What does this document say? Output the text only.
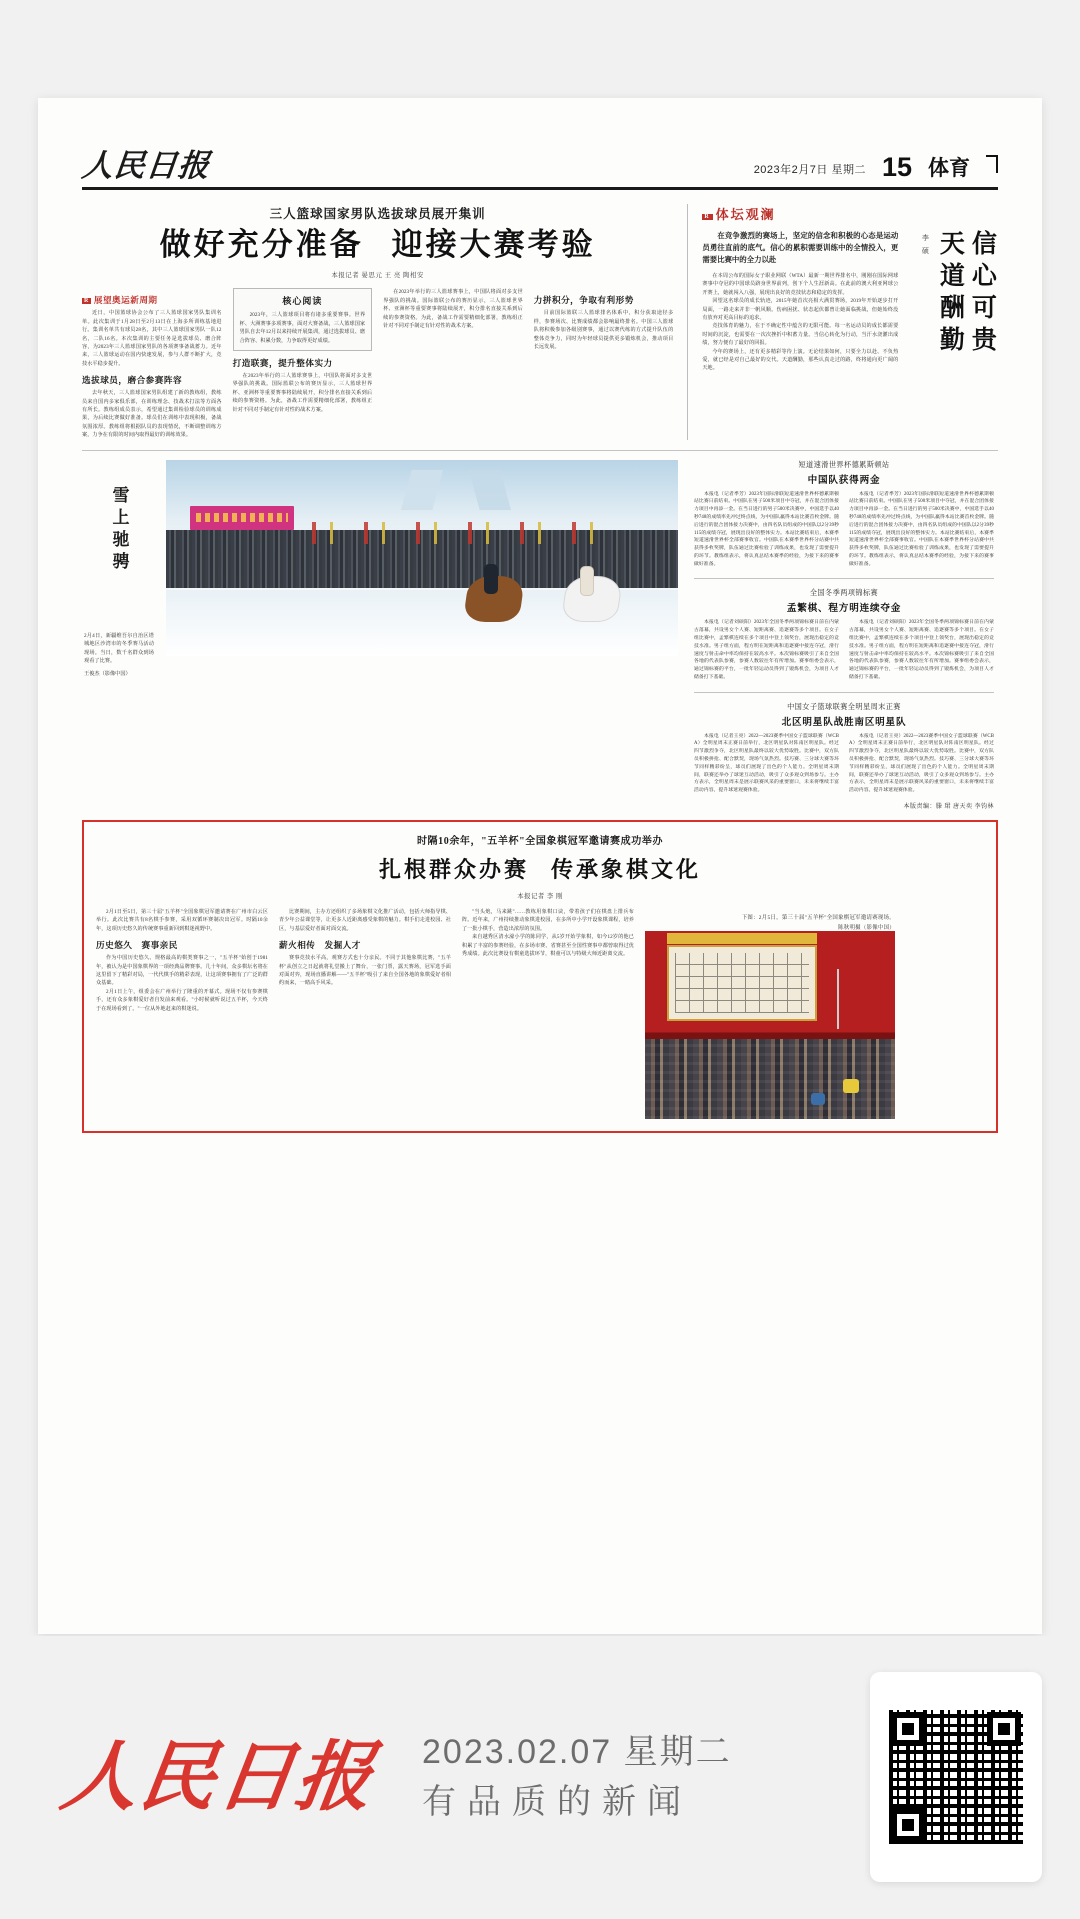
人民日报	2023年2月7日 星期二 15 体育
三人篮球国家男队选拔球员展开集训
做好充分准备 迎接大赛考验
本报记者 晏思元 王 亮 陶相安
R 展望奥运新周期
近日，中国篮球协会公布了三人篮球国家男队集训名单。此次集训于1月28日至2月13日在上海多所训练基地进行。集训名单共有球员28名，其中三人篮球国家男队一队12名，二队16名。本次集训的主要任务是选拔球员、磨合阵容，为2023年三人篮球国家男队的各项赛事备战蓄力。近年来，三人篮球运动在国内快速发展，参与人群不断扩大，竞技水平稳步提升。
选拔球员，磨合参赛阵容
去年秋天，三人篮球国家男队组建了新的教练组，教练员来自国内多家俱乐部，在训练理念、技战术打法等方面各有所长。教练组成员表示，希望通过集训检验球员的训练成果，为后续比赛做好准备。球员们在训练中表现积极，备战氛围浓厚。教练组将根据队员的表现情况，不断调整训练方案，力争在有限的时间内取得最好的训练效果。
核心阅读
2023年，三人篮球项目将有诸多重要赛事。世界杯、大洲赛事多项赛事，面对大赛备战，三人篮球国家男队自去年12月以来持续开展集训，通过选拔球员、磨合阵容、积累分数，力争取得更好成绩。
打造联赛，提升整体实力
在2023年举行的三人篮球赛事上，中国队将面对多支世界强队的挑战。国际篮联公布的赛历显示，三人篮球世界杯、亚洲杯等重要赛事将陆续展开，积分排名直接关系到后续的参赛资格。为此，备战工作需要精细化部署，教练组正针对不同对手制定有针对性的战术方案。
在2023年举行的三人篮球赛事上，中国队将面对多支世界强队的挑战。国际篮联公布的赛历显示，三人篮球世界杯、亚洲杯等重要赛事将陆续展开，积分排名直接关系到后续的参赛资格。为此，备战工作需要精细化部署，教练组正针对不同对手制定有针对性的战术方案。
力拼积分，争取有利形势
目前国际篮联三人篮球排名体系中，积分获取途径多样，参赛场次、比赛成绩都会影响最终排名。中国三人篮球队将积极参加各级别赛事，通过以赛代练的方式提升队伍的整体竞争力，同时为年轻球员提供更多锻炼机会，推动项目长远发展。
R 体坛观澜
在竞争激烈的赛场上，坚定的信念和积极的心态是运动员勇往直前的底气。信心的累积需要训练中的全情投入，更需要比赛中的全力以赴
在本周公布的国际女子职业网联（WTA）最新一期世界排名中，刚刚在国际网球赛事中夺冠的中国球员跻身世界前列，创下个人生涯新高。在此前的澳大利亚网球公开赛上，她就闯入八强，展现出良好的竞技状态和稳定的发挥。
回望这名球员的成长轨迹，2015年她首次亮相大满贯赛场，2019年开始逐步打开局面，一路走来并非一帆风顺。伤病困扰、状态起伏都曾让她面临挑战，但她始终没有放弃对更高目标的追求。
竞技体育的魅力，在于不确定性中蕴含的无限可能。每一名运动员的成长都需要时间的沉淀，也需要在一次次挫折中积蓄力量。当信心转化为行动，当汗水浇灌出成绩，努力便有了最好的回报。
今年的赛场上，还有更多精彩等待上演。无论结果如何，只要全力以赴、不负热爱，就已经是对自己最好的交代。天道酬勤，那些认真走过的路，终将通向更广阔的天地。
李 硕 天道酬勤 信心可贵
雪上驰骋
2月4日，新疆维吾尔自治区塔城地区沙湾市的冬季赛马活动现场。当日，数千名群众到场观看了比赛。
王俊杰（影像中国）
短道速滑世界杯德累斯顿站
中国队获得两金
本报电（记者季芳）2023年国际滑联短道速滑世界杯德累斯顿站比赛日前结束。中国队在男子500米项目中夺冠，并在混合团体接力项目中再添一金。在当日进行的男子500米决赛中，中国选手以40秒748的成绩率先冲过终点线，为中国队赢得本站比赛首枚金牌。随后进行的混合团体接力决赛中，由四名队员组成的中国队以2分39秒115的成绩夺冠，展现出良好的整体实力。本站比赛结束后，本赛季短道速滑世界杯全部赛事收官。中国队在本赛季世界杯分站赛中共获得多枚奖牌，队伍通过比赛检验了训练成果，也发现了需要提升的环节。教练组表示，将认真总结本赛季的经验，为接下来的赛事做好准备。
本报电（记者季芳）2023年国际滑联短道速滑世界杯德累斯顿站比赛日前结束。中国队在男子500米项目中夺冠，并在混合团体接力项目中再添一金。在当日进行的男子500米决赛中，中国选手以40秒748的成绩率先冲过终点线，为中国队赢得本站比赛首枚金牌。随后进行的混合团体接力决赛中，由四名队员组成的中国队以2分39秒115的成绩夺冠，展现出良好的整体实力。本站比赛结束后，本赛季短道速滑世界杯全部赛事收官。中国队在本赛季世界杯分站赛中共获得多枚奖牌，队伍通过比赛检验了训练成果，也发现了需要提升的环节。教练组表示，将认真总结本赛季的经验，为接下来的赛事做好准备。
全国冬季两项锦标赛
孟繁棋、程方明连续夺金
本报电（记者刘硕阳）2023年全国冬季两项锦标赛日前在内蒙古落幕，共设男女个人赛、短距离赛、追逐赛等多个项目。在女子组比赛中，孟繁棋连续在多个项目中登上领奖台，展现出稳定的竞技水准。男子组方面，程方明在短距离和追逐赛中接连夺冠，滑行速度与射击命中率均保持在较高水平。本次锦标赛吸引了来自全国各地的代表队参赛，参赛人数较往年有所增加。赛事组委会表示，通过锦标赛的平台，一批年轻运动员得到了锻炼机会，为项目人才储备打下基础。
本报电（记者刘硕阳）2023年全国冬季两项锦标赛日前在内蒙古落幕，共设男女个人赛、短距离赛、追逐赛等多个项目。在女子组比赛中，孟繁棋连续在多个项目中登上领奖台，展现出稳定的竞技水准。男子组方面，程方明在短距离和追逐赛中接连夺冠，滑行速度与射击命中率均保持在较高水平。本次锦标赛吸引了来自全国各地的代表队参赛，参赛人数较往年有所增加。赛事组委会表示，通过锦标赛的平台，一批年轻运动员得到了锻炼机会，为项目人才储备打下基础。
中国女子篮球联赛全明星周末正赛
北区明星队战胜南区明星队
本报电（记者王亮）2022—2023赛季中国女子篮球联赛（WCBA）全明星周末正赛日前举行，北区明星队对阵南区明星队。经过四节激烈争夺，北区明星队最终以较大优势取胜。比赛中，双方队员积极拼抢、配合默契，现场气氛热烈。技巧赛、三分球大赛等环节同样精彩纷呈，球员们展现了出色的个人能力。全明星周末期间，联赛还举办了球迷互动活动，吸引了众多观众到场参与。主办方表示，全明星周末是展示联赛风采的重要窗口，未来将继续丰富活动内容，提升球迷观赛体验。
本报电（记者王亮）2022—2023赛季中国女子篮球联赛（WCBA）全明星周末正赛日前举行，北区明星队对阵南区明星队。经过四节激烈争夺，北区明星队最终以较大优势取胜。比赛中，双方队员积极拼抢、配合默契，现场气氛热烈。技巧赛、三分球大赛等环节同样精彩纷呈，球员们展现了出色的个人能力。全明星周末期间，联赛还举办了球迷互动活动，吸引了众多观众到场参与。主办方表示，全明星周末是展示联赛风采的重要窗口，未来将继续丰富活动内容，提升球迷观赛体验。
本版责编：滕 珺 唐天奕 李钧林
时隔10余年，"五羊杯"全国象棋冠军邀请赛成功举办
扎根群众办赛 传承象棋文化
本报记者 李 刚
2月1日至5日，第三十届"五羊杯"全国象棋冠军邀请赛在广州市白云区举行。此次比赛共有8名棋手参赛，采用双循环赛制决出冠军。时隔10余年，这项历史悠久的传统赛事重新回到棋迷视野中。
历史悠久　赛事亲民
作为中国历史悠久、规格最高的棋类赛事之一，"五羊杯"始创于1981年，被认为是中国象棋界的一项经典品牌赛事。几十年间，众多棋坛名将在这里留下了精彩对局，一代代棋手的精彩表现，让这项赛事拥有了广泛的群众基础。
2月1日上午，组委会在广州举行了隆重的开幕式。现场不仅有参赛棋手，还有众多象棋爱好者自发前来观看。"小时候就听说过五羊杯，今天终于在现场看到了。"一位从外地赶来的棋迷说。
比赛期间，主办方还组织了多场象棋文化推广活动，包括大师指导棋、青少年公益课堂等，让更多人近距离感受象棋的魅力。棋手们走进校园、社区，与基层爱好者面对面交流。
薪火相传　发掘人才
赛事竞技水平高，观赛方式也十分亲民。不同于其他象棋比赛，"五羊杯"从创立之日起就将礼堂搬上了舞台，一张门票，露天赛场，冠军选手面对面对弈，现场直播讲解——"五羊杯"吸引了来自全国各地的象棋爱好者相约而来，一睹高手风采。
"当头炮，马来跳"……教练用象棋口诀，带着孩子们在棋盘上排兵布阵。近年来，广州持续推动象棋进校园，在多所中小学开设象棋课程，培养了一批小棋手，营造出浓厚的氛围。
来自越秀区清水濠小学的陈同学，从5岁开始学象棋，如今12岁的他已积累了丰富的参赛经验，在多场市赛、省赛甚至全国性赛事中都曾取得过优秀成绩。此次比赛设有棋童选拔环节，棋童可以与特级大师近距离交流。
下图：2月5日，第三十届"五羊杯"全国象棋冠军邀请赛现场。
陈秋明摄（影像中国）
人民日报 2023.02.07 星期二
有品质的新闻
